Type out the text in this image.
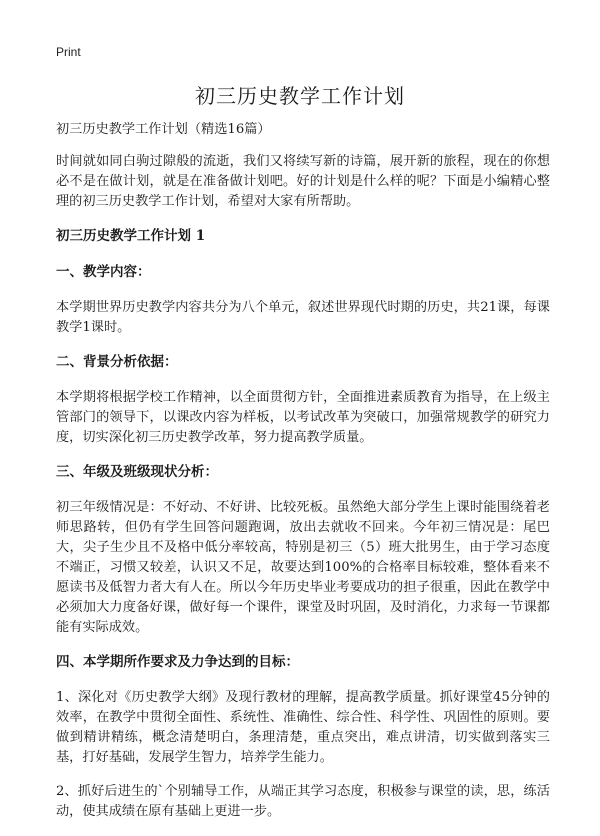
Print
初三历史教学工作计划

初三历史教学工作计划（精选16篇）

时间就如同白驹过隙般的流逝，我们又将续写新的诗篇，展开新的旅程，现在的你想必不是在做计划，就是在准备做计划吧。好的计划是什么样的呢？下面是小编精心整理的初三历史教学工作计划，希望对大家有所帮助。

初三历史教学工作计划 1

一、教学内容：

本学期世界历史教学内容共分为八个单元，叙述世界现代时期的历史，共21课，每课教学1课时。

二、背景分析依据：

本学期将根据学校工作精神，以全面贯彻方针，全面推进素质教育为指导，在上级主管部门的领导下，以课改内容为样板，以考试改革为突破口，加强常规教学的研究力度，切实深化初三历史教学改革，努力提高教学质量。

三、年级及班级现状分析：

初三年级情况是：不好动、不好讲、比较死板。虽然绝大部分学生上课时能围绕着老师思路转，但仍有学生回答问题跑调，放出去就收不回来。今年初三情况是：尾巴大，尖子生少且不及格中低分率较高，特别是初三（5）班大批男生，由于学习态度不端正，习惯又较差，认识又不足，故要达到100%的合格率目标较难，整体看来不愿读书及低智力者大有人在。所以今年历史毕业考要成功的担子很重，因此在教学中必须加大力度备好课，做好每一个课件，课堂及时巩固，及时消化，力求每一节课都能有实际成效。

四、本学期所作要求及力争达到的目标：

1、深化对《历史教学大纲》及现行教材的理解，提高教学质量。抓好课堂45分钟的效率，在教学中贯彻全面性、系统性、准确性、综合性、科学性、巩固性的原则。要做到精讲精练，概念清楚明白，条理清楚，重点突出，难点讲清，切实做到落实三基，打好基础，发展学生智力，培养学生能力。

2、抓好后进生的`个别辅导工作，从端正其学习态度，积极参与课堂的读，思，练活动，使其成绩在原有基础上更进一步。
